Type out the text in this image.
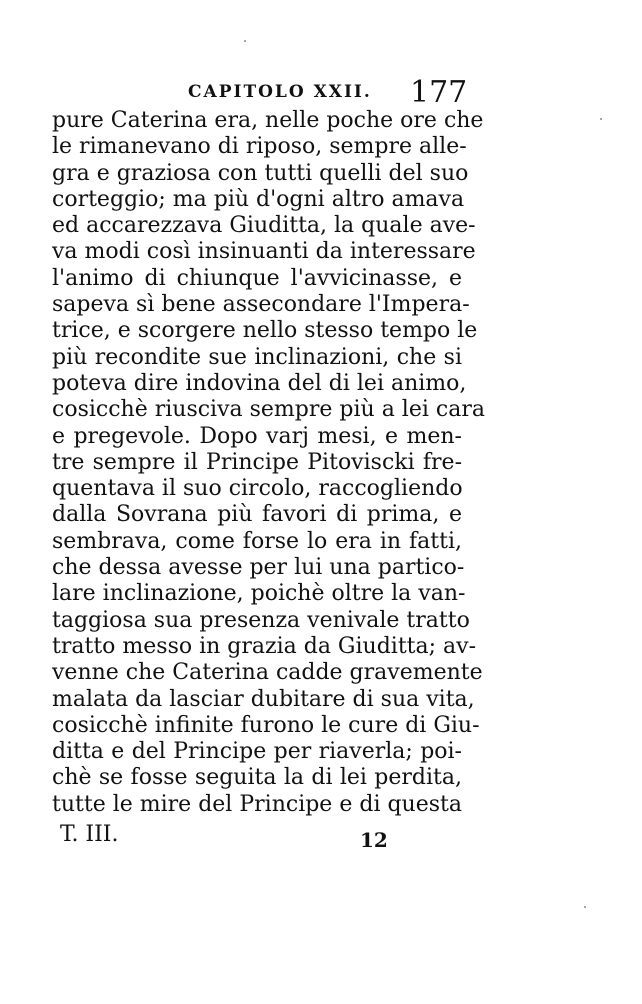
CAPITOLO XXII. 177
pure Caterina era, nelle poche ore che
le rimanevano di riposo, sempre alle-
gra e graziosa con tutti quelli del suo
corteggio; ma più d'ogni altro amava
ed accarezzava Giuditta, la quale ave-
va modi così insinuanti da interessare
l'animo di chiunque l'avvicinasse, e
sapeva sì bene assecondare l'Impera-
trice, e scorgere nello stesso tempo le
più recondite sue inclinazioni, che si
poteva dire indovina del di lei animo,
cosicchè riusciva sempre più a lei cara
e pregevole. Dopo varj mesi, e men-
tre sempre il Principe Pitoviscki fre-
quentava il suo circolo, raccogliendo
dalla Sovrana più favori di prima, e
sembrava, come forse lo era in fatti,
che dessa avesse per lui una partico-
lare inclinazione, poichè oltre la van-
taggiosa sua presenza venivale tratto
tratto messo in grazia da Giuditta; av-
venne che Caterina cadde gravemente
malata da lasciar dubitare di sua vita,
cosicchè infinite furono le cure di Giu-
ditta e del Principe per riaverla; poi-
chè se fosse seguita la di lei perdita,
tutte le mire del Principe e di questa
T. III.	12
